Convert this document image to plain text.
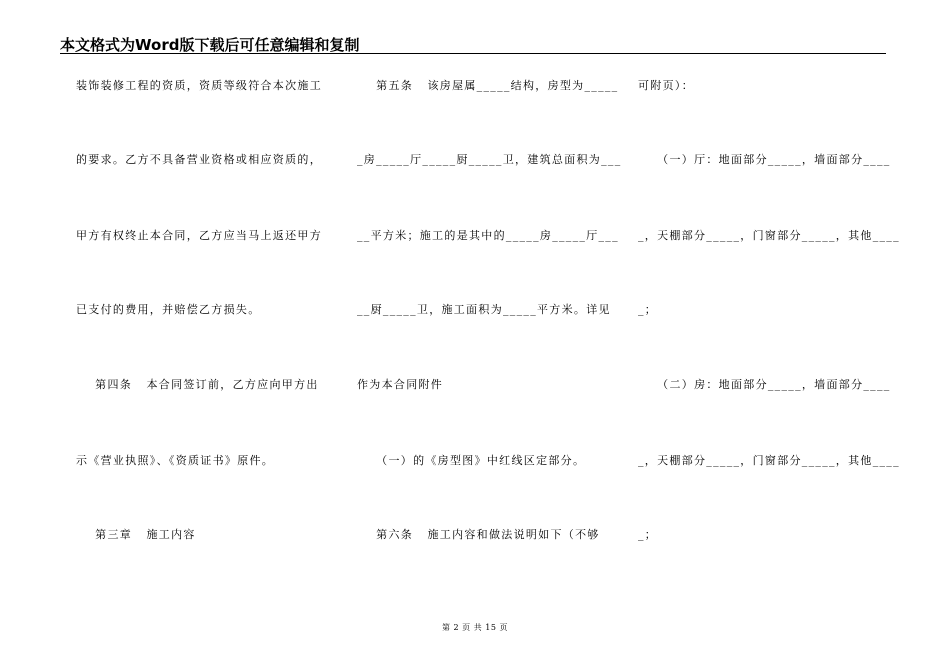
本文格式为Word版下载后可任意编辑和复制
装饰装修工程的资质，资质等级符合本次施工
的要求。乙方不具备营业资格或相应资质的，
甲方有权终止本合同，乙方应当马上返还甲方
已支付的费用，并赔偿乙方损失。
第四条   本合同签订前，乙方应向甲方出
示《营业执照》、《资质证书》原件。
第三章   施工内容
第五条   该房屋属_____结构，房型为_____
_房_____厅_____厨_____卫，建筑总面积为___
__平方米；施工的是其中的_____房_____厅___
__厨_____卫，施工面积为_____平方米。详见
作为本合同附件
（一）的《房型图》中红线区定部分。
第六条   施工内容和做法说明如下（不够
可附页）：
（一）厅：地面部分_____，墙面部分____
_，天棚部分_____，门窗部分_____，其他____
_；
（二）房：地面部分_____，墙面部分____
_，天棚部分_____，门窗部分_____，其他____
_；
第 2 页 共 15 页
